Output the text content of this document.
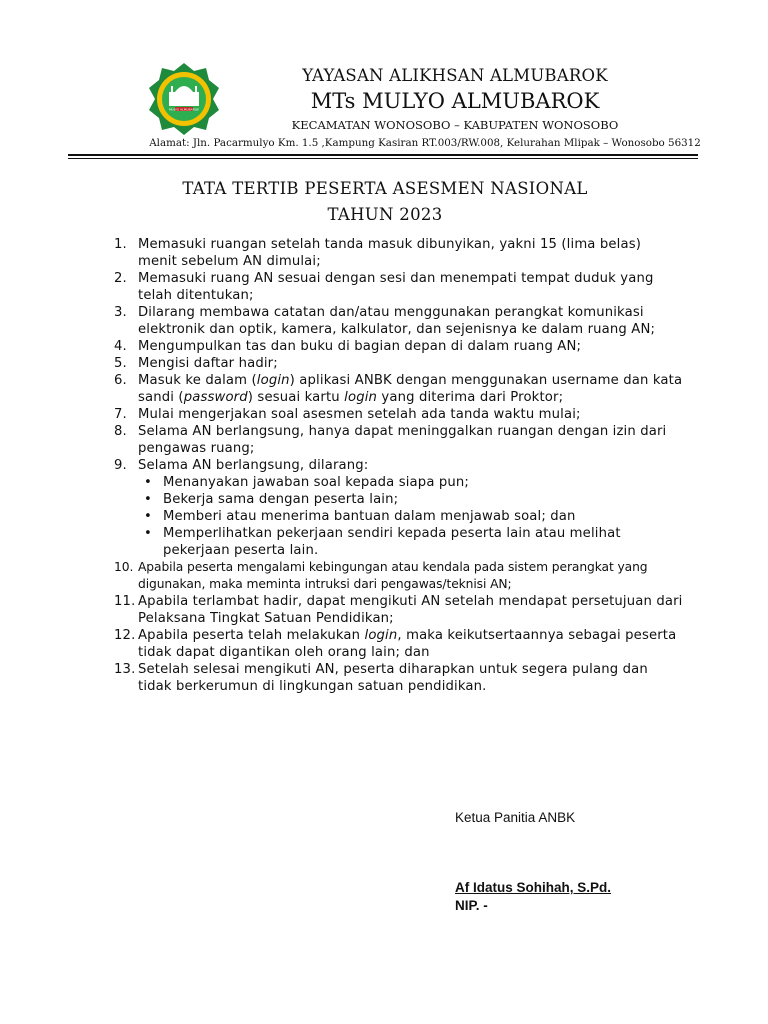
MULYO ALMUBAROK
YAYASAN ALIKHSAN ALMUBAROK
MTs MULYO ALMUBAROK
KECAMATAN WONOSOBO – KABUPATEN WONOSOBO
Alamat: Jln. Pacarmulyo Km. 1.5 ,Kampung Kasiran RT.003/RW.008, Kelurahan Mlipak – Wonosobo 56312
TATA TERTIB PESERTA ASESMEN NASIONAL
TAHUN 2023
1. Memasuki ruangan setelah tanda masuk dibunyikan, yakni 15 (lima belas) menit sebelum AN dimulai;
2. Memasuki ruang AN sesuai dengan sesi dan menempati tempat duduk yang telah ditentukan;
3. Dilarang membawa catatan dan/atau menggunakan perangkat komunikasi elektronik dan optik, kamera, kalkulator, dan sejenisnya ke dalam ruang AN;
4. Mengumpulkan tas dan buku di bagian depan di dalam ruang AN;
5. Mengisi daftar hadir;
6. Masuk ke dalam (login) aplikasi ANBK dengan menggunakan username dan kata sandi (password) sesuai kartu login yang diterima dari Proktor;
7. Mulai mengerjakan soal asesmen setelah ada tanda waktu mulai;
8. Selama AN berlangsung, hanya dapat meninggalkan ruangan dengan izin dari pengawas ruang;
9. Selama AN berlangsung, dilarang:
• Menanyakan jawaban soal kepada siapa pun;
• Bekerja sama dengan peserta lain;
• Memberi atau menerima bantuan dalam menjawab soal; dan
• Memperlihatkan pekerjaan sendiri kepada peserta lain atau melihat pekerjaan peserta lain.
10. Apabila peserta mengalami kebingungan atau kendala pada sistem perangkat yang digunakan, maka meminta intruksi dari pengawas/teknisi AN;
11. Apabila terlambat hadir, dapat mengikuti AN setelah mendapat persetujuan dari Pelaksana Tingkat Satuan Pendidikan;
12. Apabila peserta telah melakukan login, maka keikutsertaannya sebagai peserta tidak dapat digantikan oleh orang lain; dan
13. Setelah selesai mengikuti AN, peserta diharapkan untuk segera pulang dan tidak berkerumun di lingkungan satuan pendidikan.
Ketua Panitia ANBK
Af Idatus Sohihah, S.Pd.
NIP. -
